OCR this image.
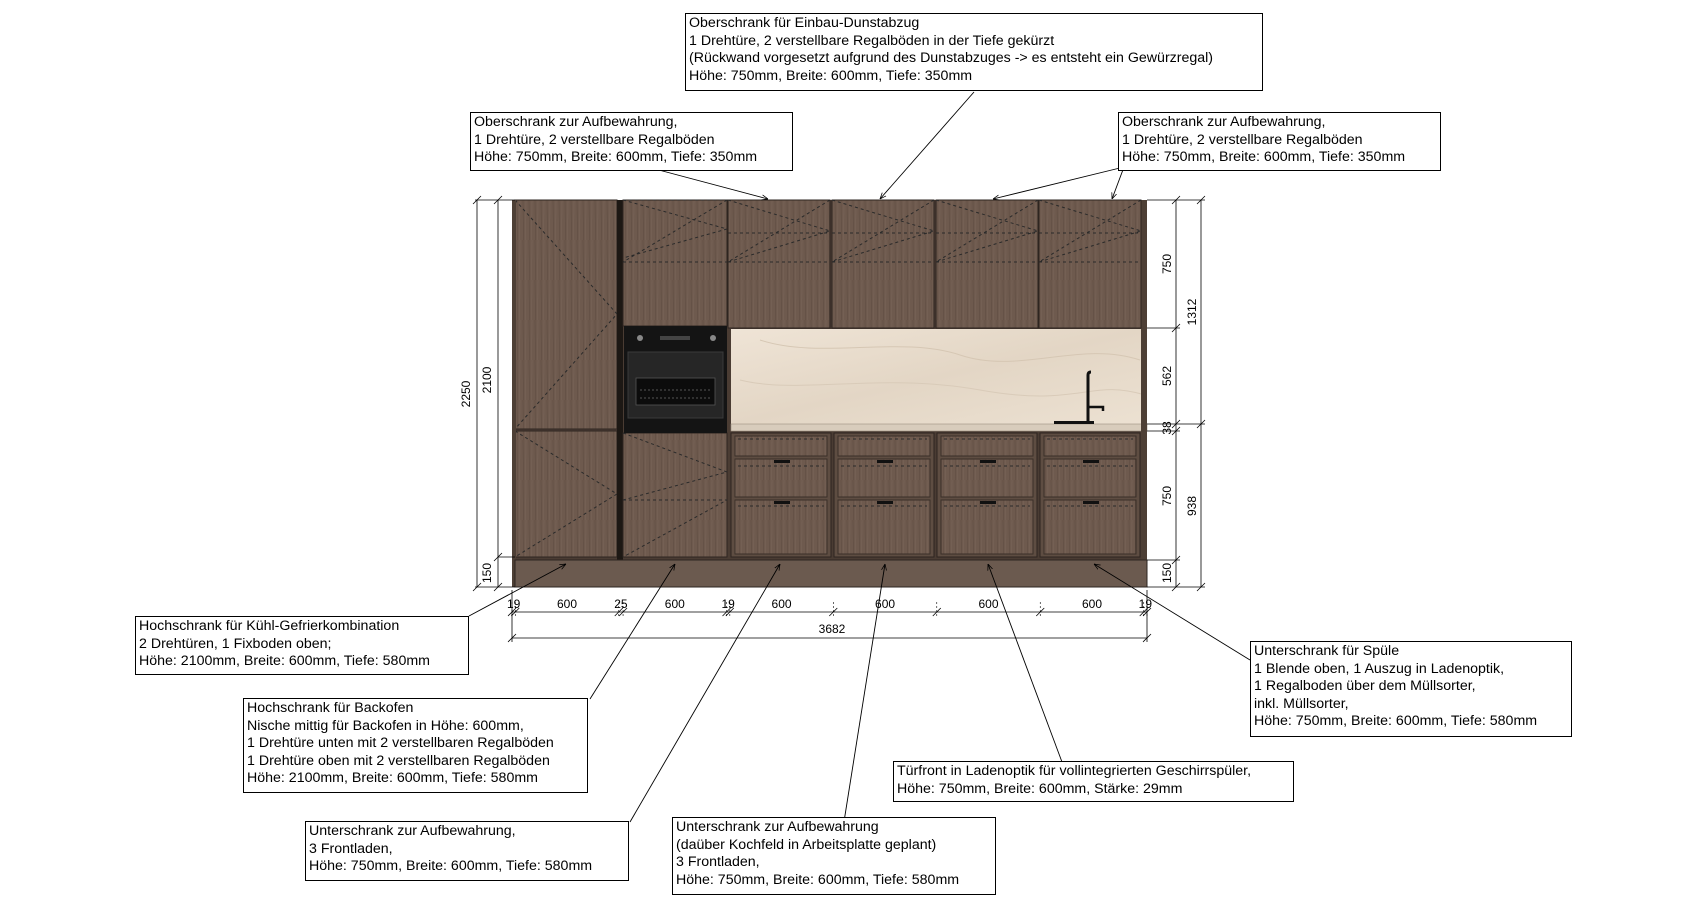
2250
2100
150
750
562
38
750
150
1312
938
19	600	25	600	19	600	600	600	600	19
3682
Oberschrank für Einbau-Dunstabzug
1 Drehtüre, 2 verstellbare Regalböden in der Tiefe gekürzt
(Rückwand vorgesetzt aufgrund des Dunstabzuges -> es entsteht ein Gewürzregal)
Höhe: 750mm, Breite: 600mm, Tiefe: 350mm
Oberschrank zur Aufbewahrung,
1 Drehtüre, 2 verstellbare Regalböden
Höhe: 750mm, Breite: 600mm, Tiefe: 350mm
Oberschrank zur Aufbewahrung,
1 Drehtüre, 2 verstellbare Regalböden
Höhe: 750mm, Breite: 600mm, Tiefe: 350mm
Hochschrank für Kühl-Gefrierkombination
2 Drehtüren, 1 Fixboden oben;
Höhe: 2100mm, Breite: 600mm, Tiefe: 580mm
Hochschrank für Backofen
Nische mittig für Backofen in Höhe: 600mm,
1 Drehtüre unten mit 2 verstellbaren Regalböden
1 Drehtüre oben mit 2 verstellbaren Regalböden
Höhe: 2100mm, Breite: 600mm, Tiefe: 580mm
Unterschrank zur Aufbewahrung,
3 Frontladen,
Höhe: 750mm, Breite: 600mm, Tiefe: 580mm
Unterschrank zur Aufbewahrung
(daüber Kochfeld in Arbeitsplatte geplant)
3 Frontladen,
Höhe: 750mm, Breite: 600mm, Tiefe: 580mm
Türfront in Ladenoptik für vollintegrierten Geschirrspüler,
Höhe: 750mm, Breite: 600mm, Stärke: 29mm
Unterschrank für Spüle
1 Blende oben, 1 Auszug in Ladenoptik,
1 Regalboden über dem Müllsorter,
inkl. Müllsorter,
Höhe: 750mm, Breite: 600mm, Tiefe: 580mm
